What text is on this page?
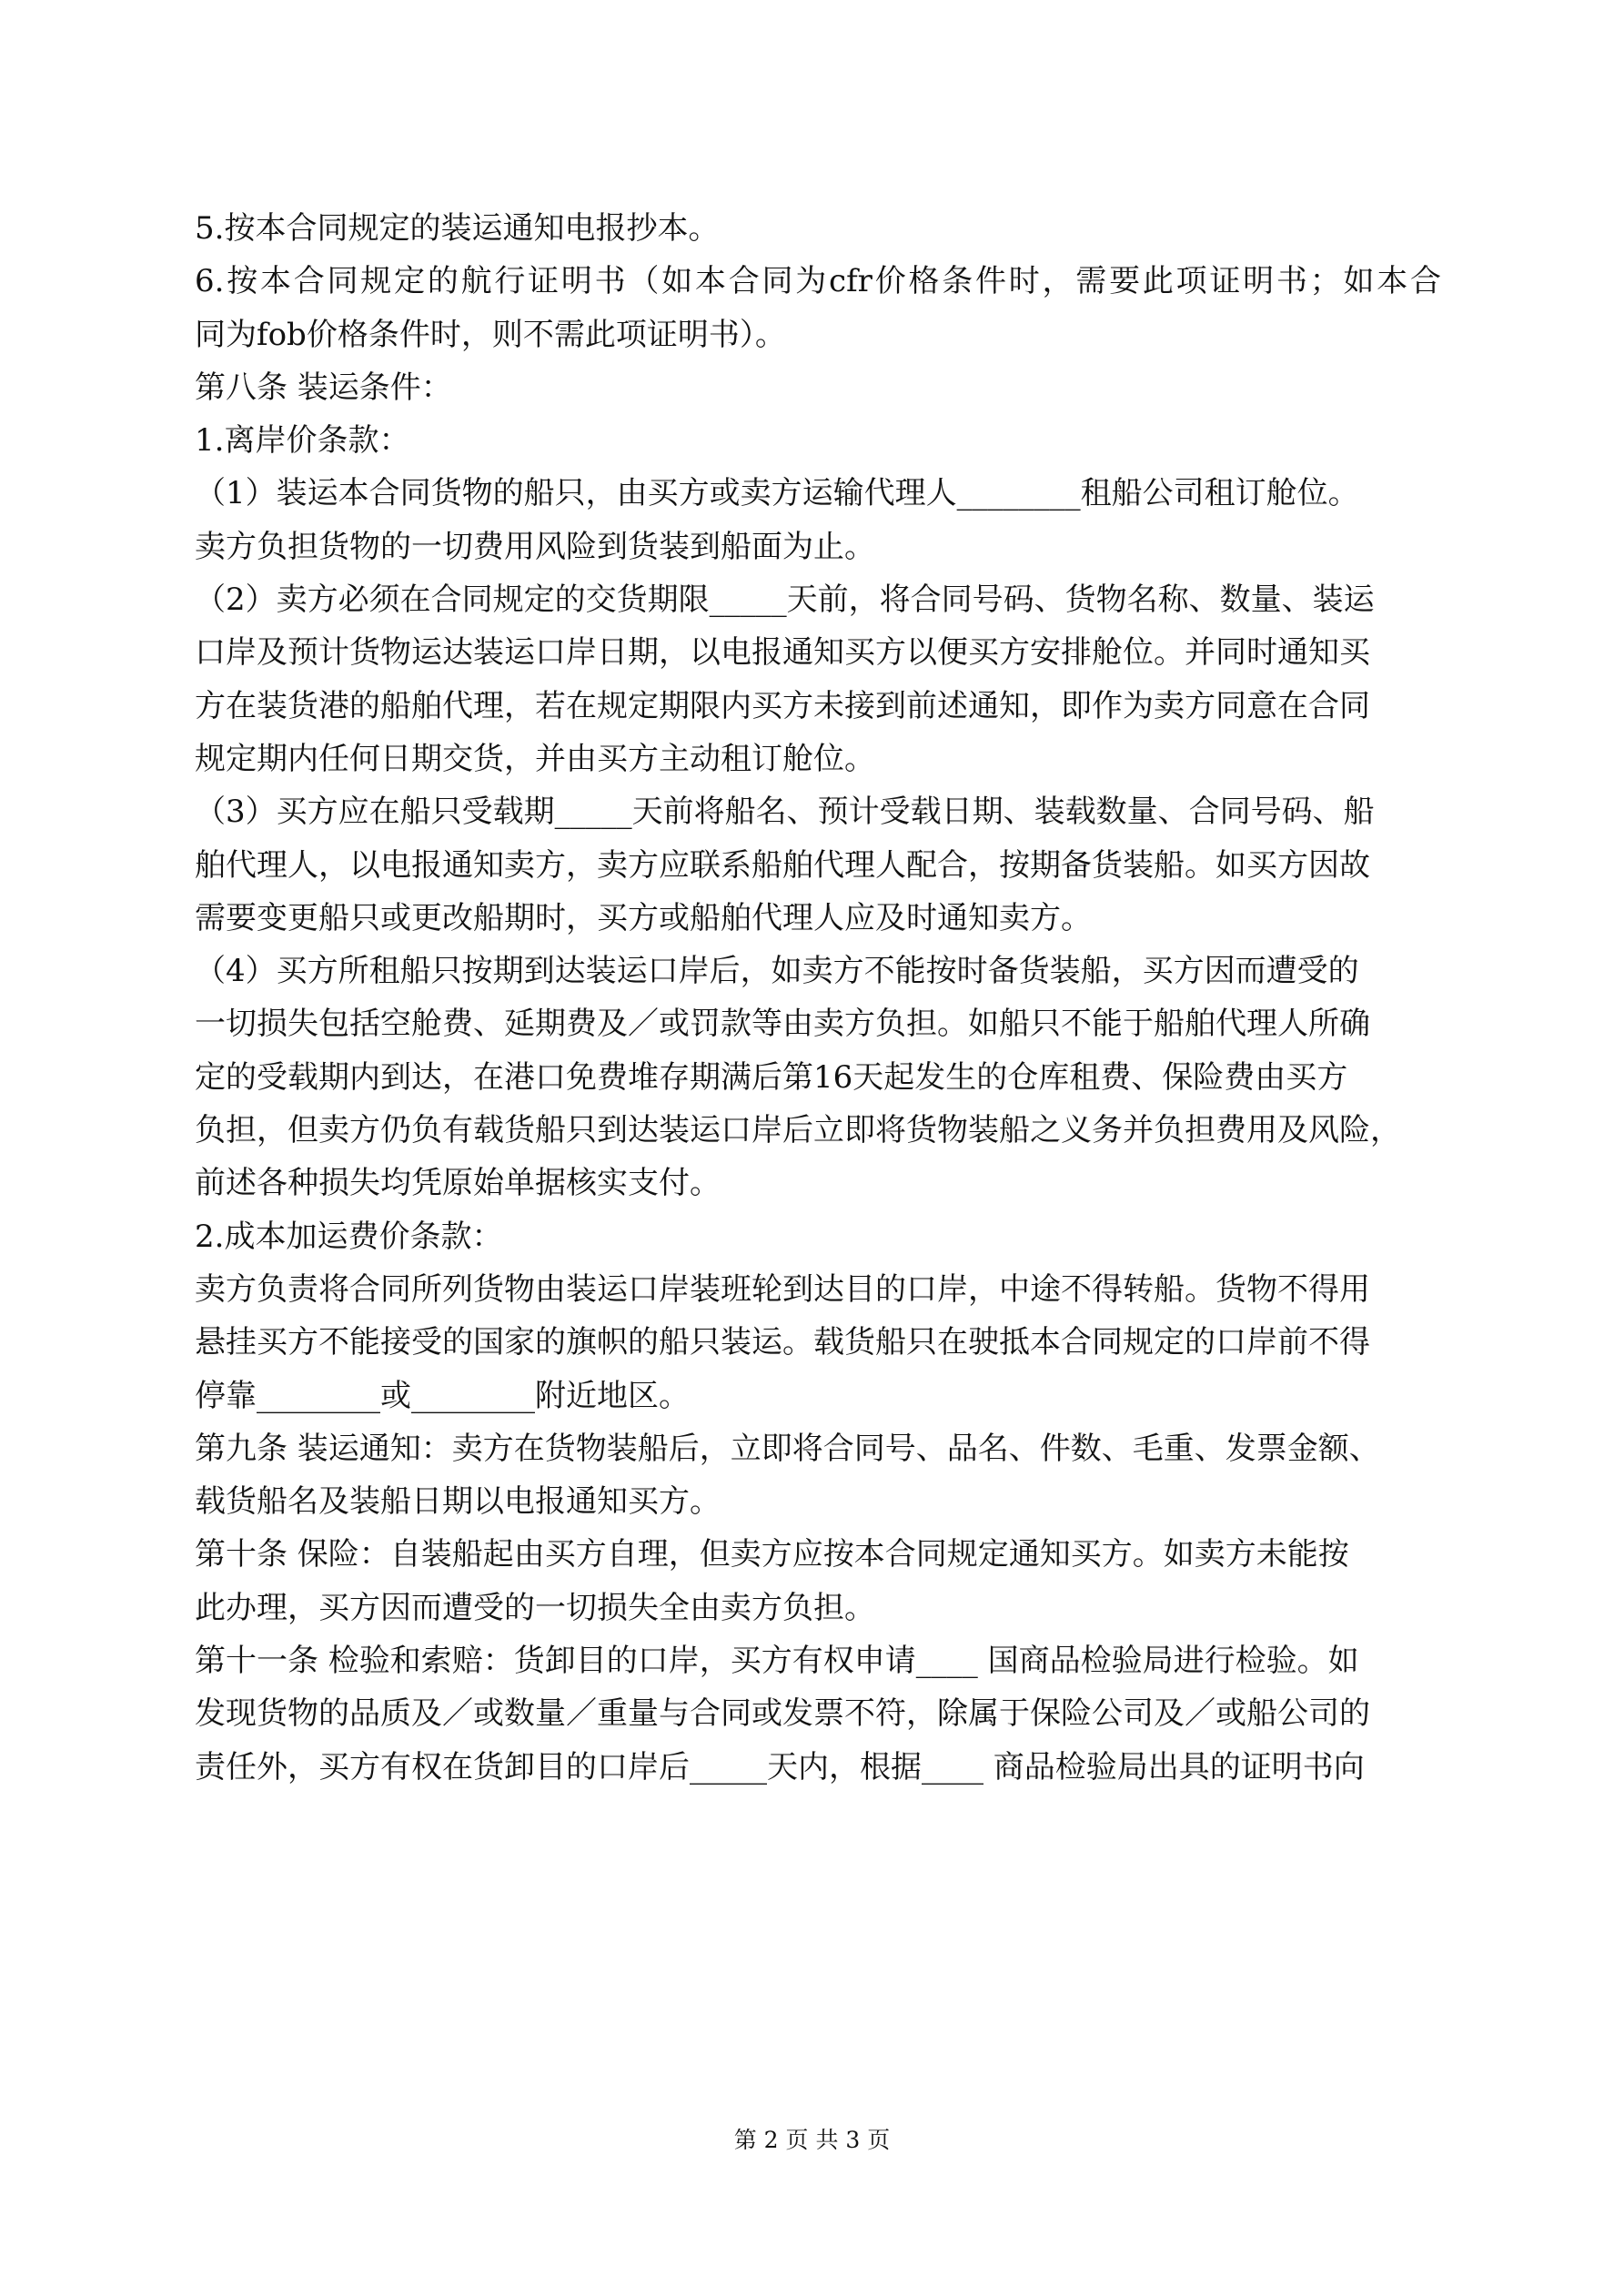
5.按本合同规定的装运通知电报抄本。
6.按本合同规定的航行证明书（如本合同为cfr价格条件时，需要此项证明书；如本合
同为fob价格条件时，则不需此项证明书）。
第八条 装运条件：
1.离岸价条款：
（1）装运本合同货物的船只，由买方或卖方运输代理人________租船公司租订舱位。
卖方负担货物的一切费用风险到货装到船面为止。
（2）卖方必须在合同规定的交货期限_____天前，将合同号码、货物名称、数量、装运
口岸及预计货物运达装运口岸日期，以电报通知买方以便买方安排舱位。并同时通知买
方在装货港的船舶代理，若在规定期限内买方未接到前述通知，即作为卖方同意在合同
规定期内任何日期交货，并由买方主动租订舱位。
（3）买方应在船只受载期_____天前将船名、预计受载日期、装载数量、合同号码、船
舶代理人，以电报通知卖方，卖方应联系船舶代理人配合，按期备货装船。如买方因故
需要变更船只或更改船期时，买方或船舶代理人应及时通知卖方。
（4）买方所租船只按期到达装运口岸后，如卖方不能按时备货装船，买方因而遭受的
一切损失包括空舱费、延期费及／或罚款等由卖方负担。如船只不能于船舶代理人所确
定的受载期内到达，在港口免费堆存期满后第16天起发生的仓库租费、保险费由买方
负担，但卖方仍负有载货船只到达装运口岸后立即将货物装船之义务并负担费用及风险，
前述各种损失均凭原始单据核实支付。
2.成本加运费价条款：
卖方负责将合同所列货物由装运口岸装班轮到达目的口岸，中途不得转船。货物不得用
悬挂买方不能接受的国家的旗帜的船只装运。载货船只在驶抵本合同规定的口岸前不得
停靠________或________附近地区。
第九条 装运通知：卖方在货物装船后，立即将合同号、品名、件数、毛重、发票金额、
载货船名及装船日期以电报通知买方。
第十条 保险：自装船起由买方自理，但卖方应按本合同规定通知买方。如卖方未能按
此办理，买方因而遭受的一切损失全由卖方负担。
第十一条 检验和索赔：货卸目的口岸，买方有权申请____ 国商品检验局进行检验。如
发现货物的品质及／或数量／重量与合同或发票不符，除属于保险公司及／或船公司的
责任外，买方有权在货卸目的口岸后_____天内，根据____ 商品检验局出具的证明书向
第 2 页 共 3 页
